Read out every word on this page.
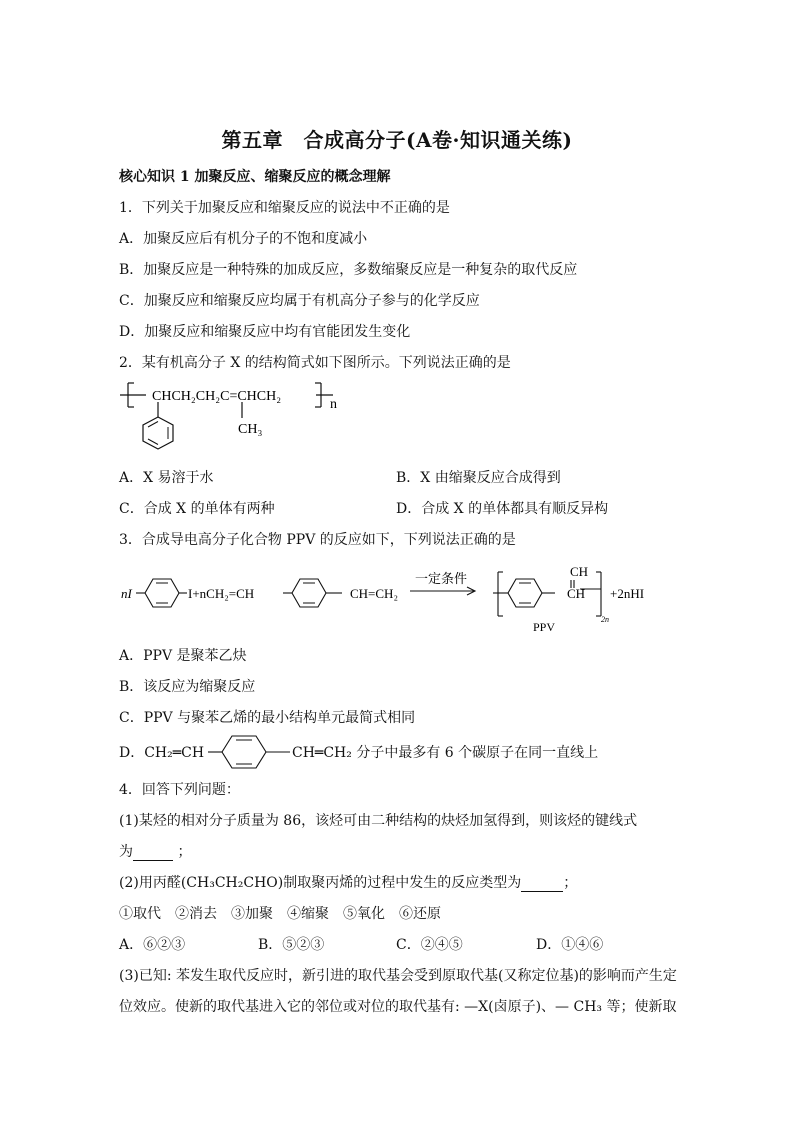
第五章　合成高分子(A卷·知识通关练)
核心知识 1 加聚反应、缩聚反应的概念理解
1．下列关于加聚反应和缩聚反应的说法中不正确的是
A．加聚反应后有机分子的不饱和度减小
B．加聚反应是一种特殊的加成反应，多数缩聚反应是一种复杂的取代反应
C．加聚反应和缩聚反应均属于有机高分子参与的化学反应
D．加聚反应和缩聚反应中均有官能团发生变化
2．某有机高分子 X 的结构简式如下图所示。下列说法正确的是
CHCH₂CH₂C=CHCH₂
CH₃
n
A．X 易溶于水	B．X 由缩聚反应合成得到
C．合成 X 的单体有两种	D．合成 X 的单体都具有顺反异构
3．合成导电高分子化合物 PPV 的反应如下，下列说法正确的是
nI	I+nCH₂=CH	CH=CH₂
一定条件	CH
CH
2n
+2nHI
PPV
A．PPV 是聚苯乙炔
B．该反应为缩聚反应
C．PPV 与聚苯乙烯的最小结构单元最简式相同
D．CH₂═CH	CH═CH₂ 分子中最多有 6 个碳原子在同一直线上
4．回答下列问题：
(1)某烃的相对分子质量为 86，该烃可由二种结构的炔烃加氢得到，则该烃的键线式
为	；
(2)用丙醛(CH₃CH₂CHO)制取聚丙烯的过程中发生的反应类型为	；
①取代　②消去　③加聚　④缩聚　⑤氧化　⑥还原
A．⑥②③	B．⑤②③	C．②④⑤	D．①④⑥
(3)已知: 苯发生取代反应时，新引进的取代基会受到原取代基(又称定位基)的影响而产生定
位效应。使新的取代基进入它的邻位或对位的取代基有: —X(卤原子)、— CH₃ 等；使新取
